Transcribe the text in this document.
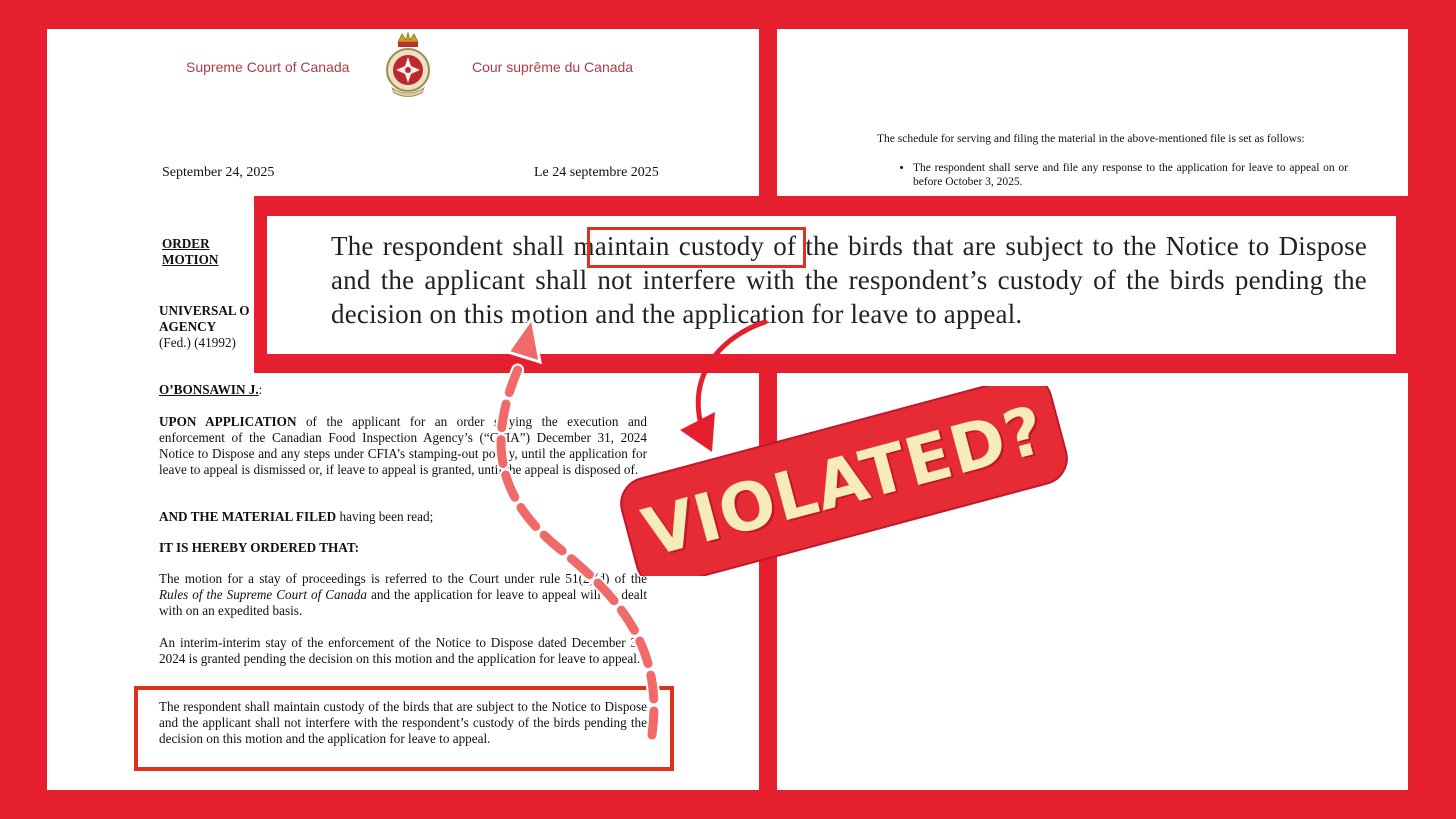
Supreme Court of Canada	Cour suprême du Canada
September 24, 2025	Le 24 septembre 2025
ORDER
MOTION
UNIVERSAL O
AGENCY
(Fed.) (41992)
O’BONSAWIN J.:
UPON APPLICATION of the applicant for an order staying the execution and enforcement of the Canadian Food Inspection Agency’s (“CFIA”) December 31, 2024 Notice to Dispose and any steps under CFIA’s stamping-out policy, until the application for leave to appeal is dismissed or, if leave to appeal is granted, until the appeal is disposed of.
AND THE MATERIAL FILED having been read;
IT IS HEREBY ORDERED THAT:
The motion for a stay of proceedings is referred to the Court under rule 51(2)(d) of the Rules of the Supreme Court of Canada and the application for leave to appeal will be dealt with on an expedited basis.
An interim-interim stay of the enforcement of the Notice to Dispose dated December 31, 2024 is granted pending the decision on this motion and the application for leave to appeal.
The respondent shall maintain custody of the birds that are subject to the Notice to Dispose and the applicant shall not interfere with the respondent’s custody of the birds pending the decision on this motion and the application for leave to appeal.
The schedule for serving and filing the material in the above-mentioned file is set as follows:
• The respondent shall serve and file any response to the application for leave to appeal on or before October 3, 2025.
The respondent shall maintain custody of the birds that are subject to the Notice to Dispose and the applicant shall not interfere with the respondent’s custody of the birds pending the decision on this motion and the application for leave to appeal.
VIOLATED?
